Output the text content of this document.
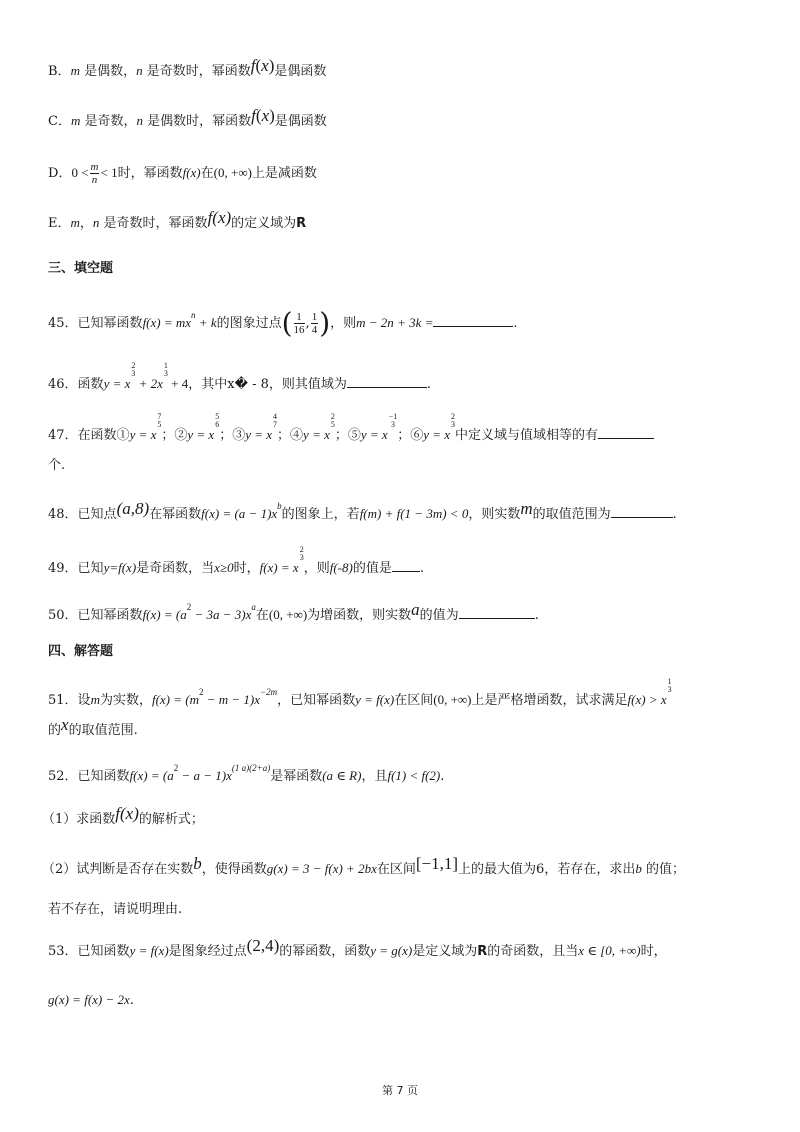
B．m 是偶数，n 是奇数时，幂函数f(x)是偶函数
C．m 是奇数，n 是偶数时，幂函数f(x)是偶函数
D．$0 < \frac{m}{n} < 1$时，幂函数f(x)在(0, +∞)上是减函数
E．m，n 是奇数时，幂函数f(x)的定义域为R
三、填空题
45．已知幂函数$f(x) = mx^n + k$的图象过点( $\frac{1}{16}$ , $\frac{1}{4}$ )，则m − 2n + 3k =	.
46．函数y = x
2
3
+ 2x
1
3
+ 4，其中x� - 8，则其值域为	.
47．在函数①y = x
7
5
；②y = x
5
6
；③y = x
4
7
；④y = x
2
5
；⑤y = x
−1
3
；⑥y = x
2
3
中定义域与值域相等的有
个.
48．已知点(a,8)在幂函数$f(x) = (a - 1)x^b$的图象上，若f(m) + f(1 − 3m) < 0，则实数m的取值范围为	.
49．已知y=f(x)是奇函数，当x≥0时，f(x) = x
2
3
，则f(-8)的值是 .
50．已知幂函数$f(x) = (a^2 - 3a - 3)x^a$在(0, +∞)为增函数，则实数a的值为	.
四、解答题
51．设m为实数，$f(x) = (m^2 - m - 1)x^{-2m}$，已知幂函数y = f(x)在区间(0, +∞)上是严格增函数，试求满足f(x) > x
1
3
的x的取值范围.
52．已知函数$f(x) = (a^2 - a - 1)x^{(1 a)(2+a)}$是幂函数(a ∈ R)，且f(1) < f(2).
（1）求函数f(x)的解析式；
（2）试判断是否存在实数b，使得函数g(x) = 3 − f(x) + 2bx在区间[−1,1]上的最大值为6，若存在，求出b 的值；
若不存在，请说明理由.
53．已知函数y = f(x)是图象经过点(2,4)的幂函数，函数y = g(x)是定义域为R的奇函数，且当x ∈ [0, +∞)时，
g(x) = f(x) − 2x.
第 7 页
